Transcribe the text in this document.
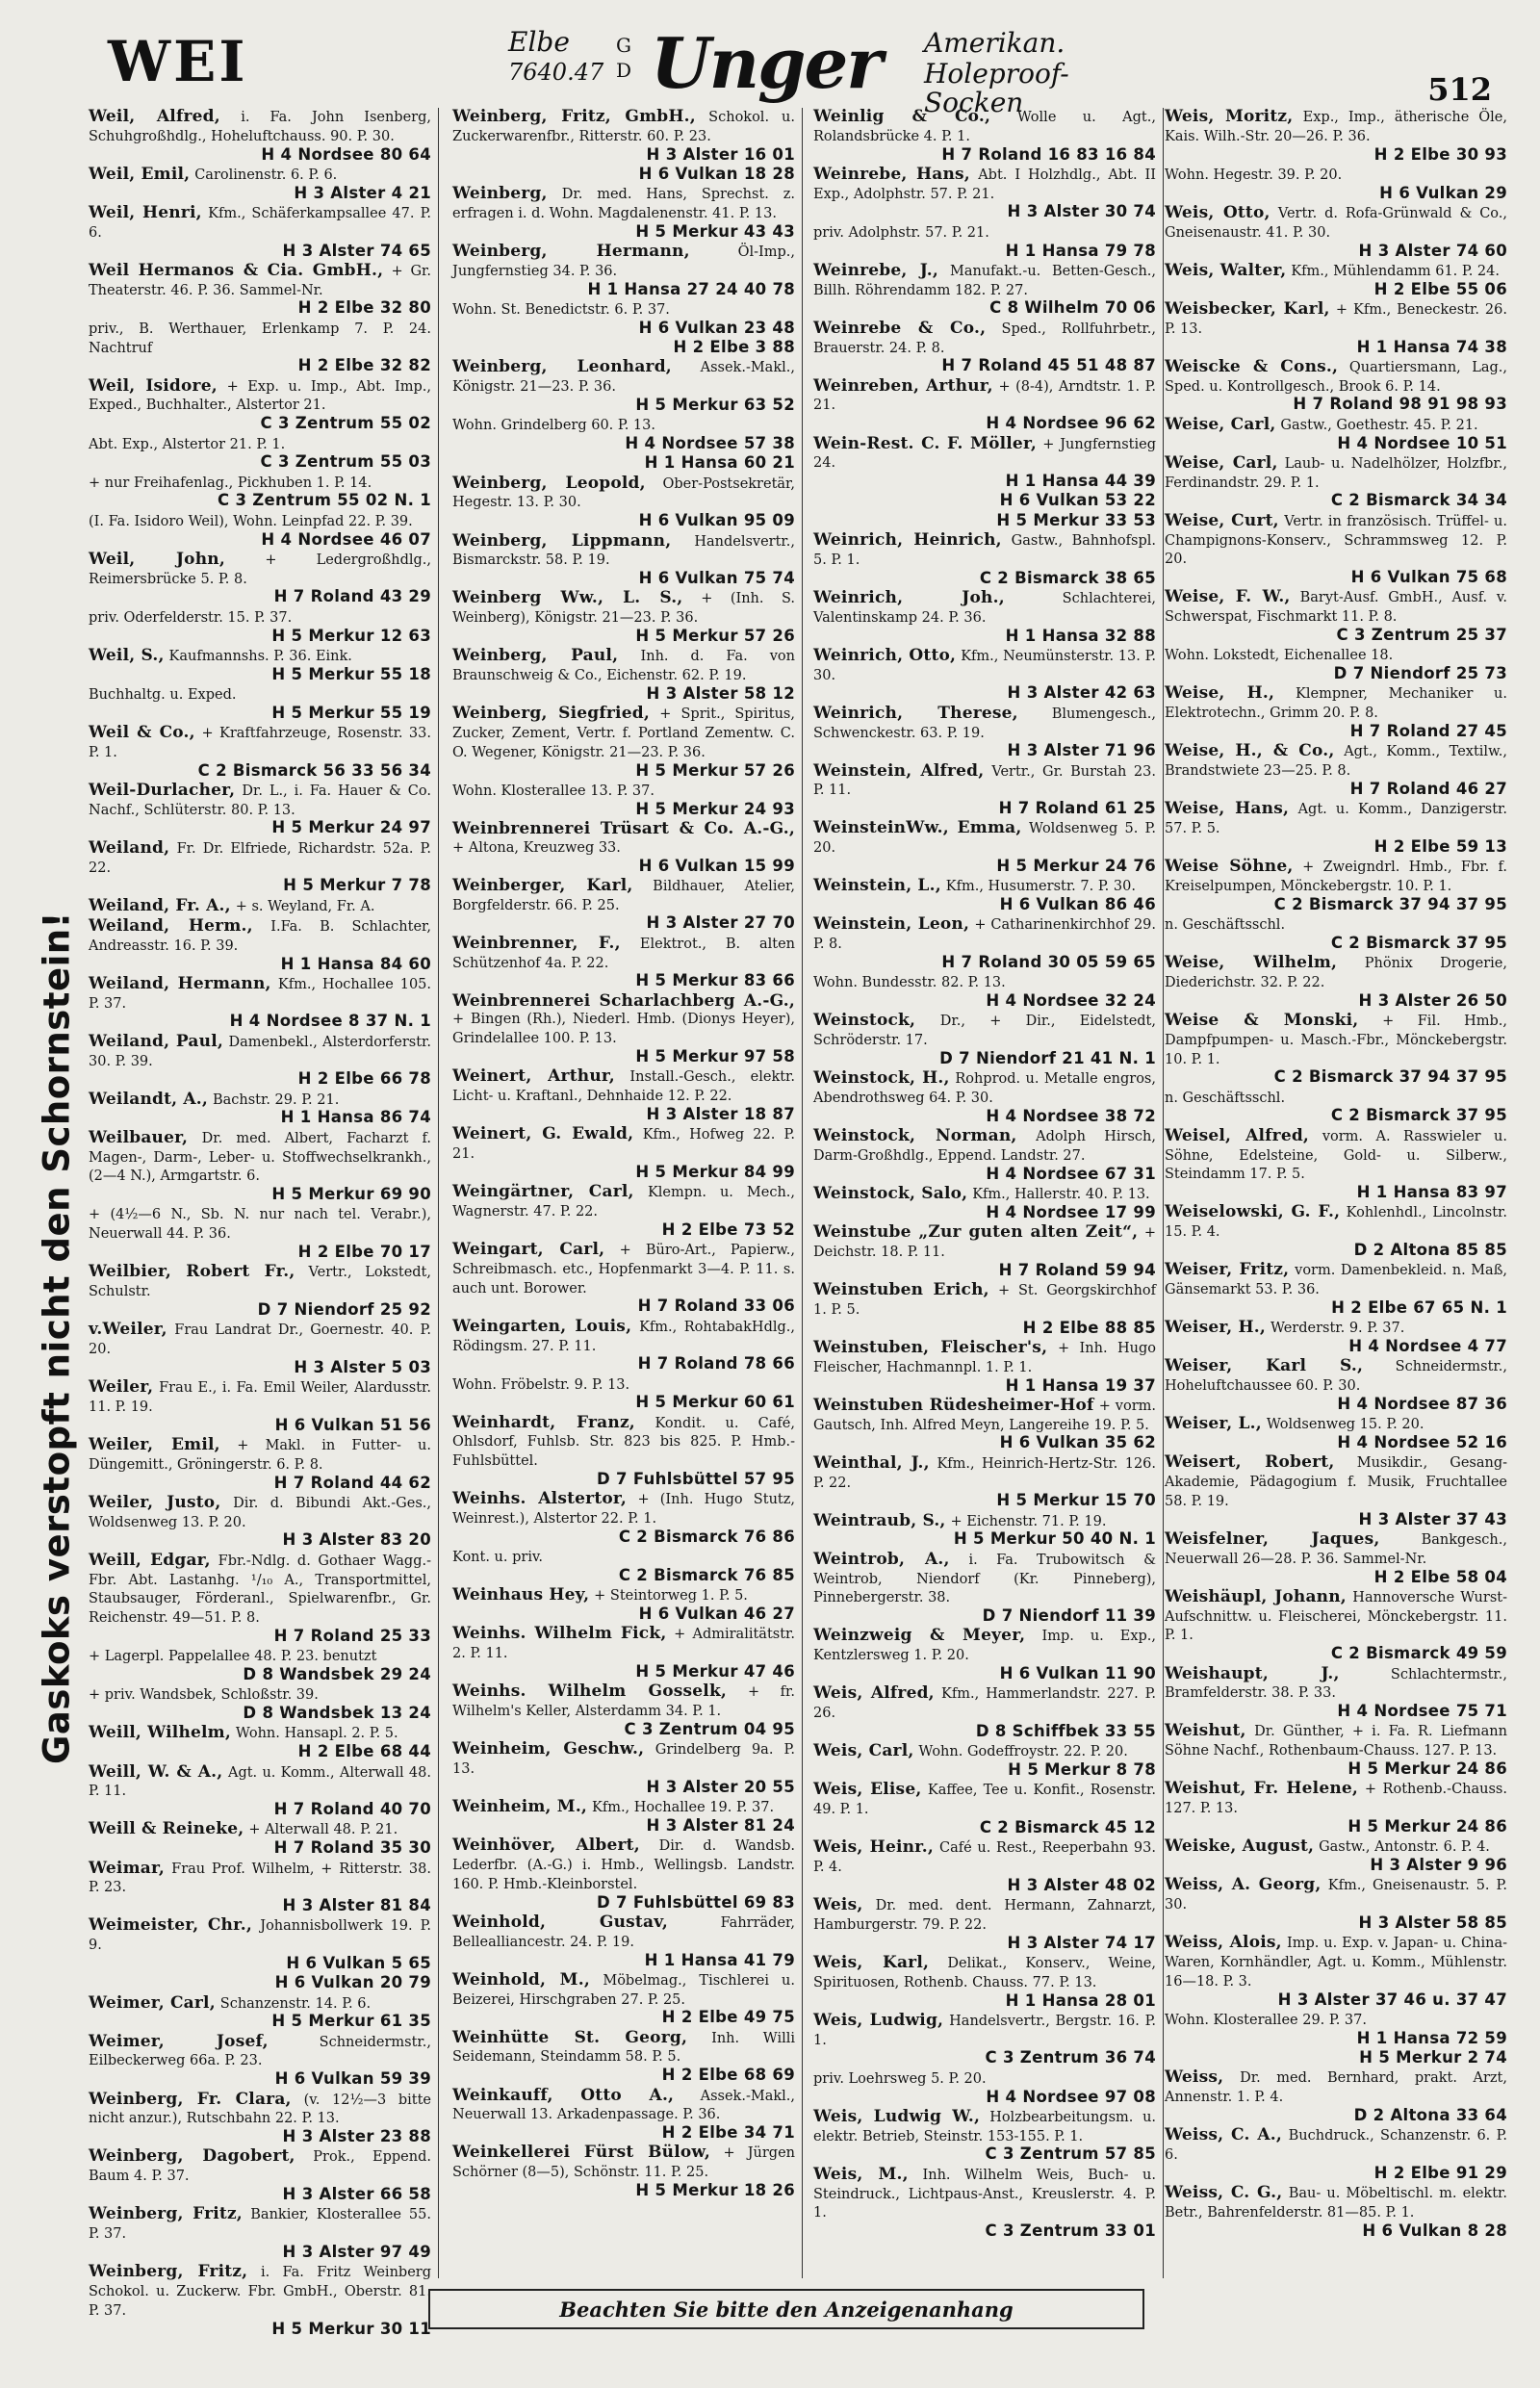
WEI	Elbe
7640.47
G
D Unger Amerikan.
Holeproof-Socken	512
Gaskoks verstopft nicht den Schornstein!
Weil, Alfred, i. Fa. John Isenberg, Schuhgroßhdlg., Hoheluftchauss. 90. P. 30.
H 4 Nordsee 80 64
Weil, Emil, Carolinenstr. 6. P. 6.
H 3 Alster 4 21
Weil, Henri, Kfm., Schäferkampsallee 47. P. 6.
H 3 Alster 74 65
Weil Hermanos & Cia. GmbH., + Gr. Theaterstr. 46. P. 36. Sammel-Nr.
H 2 Elbe 32 80
priv., B. Werthauer, Erlenkamp 7. P. 24. Nachtruf
H 2 Elbe 32 82
Weil, Isidore, + Exp. u. Imp., Abt. Imp., Exped., Buchhalter., Alstertor 21.
C 3 Zentrum 55 02
Abt. Exp., Alstertor 21. P. 1.
C 3 Zentrum 55 03
+ nur Freihafenlag., Pickhuben 1. P. 14.
C 3 Zentrum 55 02 N. 1
(I. Fa. Isidoro Weil), Wohn. Leinpfad 22. P. 39.
H 4 Nordsee 46 07
Weil, John,	+ Ledergroßhdlg., Reimersbrücke 5. P. 8.
H 7 Roland 43 29
priv. Oderfelderstr. 15. P. 37.
H 5 Merkur 12 63
Weil, S., Kaufmannshs. P. 36. Eink.
H 5 Merkur 55 18
Buchhaltg. u. Exped.
H 5 Merkur 55 19
Weil & Co., + Kraftfahrzeuge, Rosenstr. 33. P. 1.
C 2 Bismarck 56 33 56 34
Weil-Durlacher, Dr. L., i. Fa. Hauer & Co. Nachf., Schlüterstr. 80. P. 13.
H 5 Merkur 24 97
Weiland, Fr. Dr. Elfriede, Richardstr. 52a. P. 22.
H 5 Merkur 7 78
Weiland, Fr. A., + s. Weyland, Fr. A.
Weiland, Herm., I.Fa. B. Schlachter, Andreasstr. 16. P. 39.
H 1 Hansa 84 60
Weiland, Hermann, Kfm., Hochallee 105. P. 37.
H 4 Nordsee 8 37 N. 1
Weiland, Paul, Damenbekl., Alsterdorferstr. 30. P. 39.
H 2 Elbe 66 78
Weilandt, A., Bachstr. 29. P. 21.
H 1 Hansa 86 74
Weilbauer, Dr. med. Albert, Facharzt f. Magen-, Darm-, Leber- u. Stoffwechselkrankh., (2—4 N.), Armgartstr. 6.
H 5 Merkur 69 90
+ (4½—6 N., Sb. N. nur nach tel. Verabr.), Neuerwall 44. P. 36.
H 2 Elbe 70 17
Weilbier, Robert Fr., Vertr., Lokstedt, Schulstr.
D 7 Niendorf 25 92
v.Weiler, Frau Landrat Dr., Goernestr. 40. P. 20.
H 3 Alster 5 03
Weiler, Frau E., i. Fa. Emil Weiler, Alardusstr. 11. P. 19.
H 6 Vulkan 51 56
Weiler, Emil, + Makl. in Futter- u. Düngemitt., Gröningerstr. 6. P. 8.
H 7 Roland 44 62
Weiler, Justo, Dir. d. Bibundi Akt.-Ges., Woldsenweg 13. P. 20.
H 3 Alster 83 20
Weill, Edgar, Fbr.-Ndlg. d. Gothaer Wagg.-Fbr. Abt. Lastanhg. ¹/₁₀ A., Transportmittel, Staubsauger, Förderanl., Spielwarenfbr., Gr. Reichenstr. 49—51. P. 8.
H 7 Roland 25 33
+ Lagerpl. Pappelallee 48. P. 23. benutzt
D 8 Wandsbek 29 24
+ priv. Wandsbek, Schloßstr. 39.
D 8 Wandsbek 13 24
Weill, Wilhelm, Wohn. Hansapl. 2. P. 5.
H 2 Elbe 68 44
Weill, W. & A., Agt. u. Komm., Alterwall 48. P. 11.
H 7 Roland 40 70
Weill & Reineke, + Alterwall 48. P. 21.
H 7 Roland 35 30
Weimar, Frau Prof. Wilhelm, + Ritterstr. 38. P. 23.
H 3 Alster 81 84
Weimeister, Chr., Johannisbollwerk 19. P. 9.
H 6 Vulkan 5 65
H 6 Vulkan 20 79
Weimer, Carl, Schanzenstr. 14. P. 6.
H 5 Merkur 61 35
Weimer, Josef,	Schneidermstr., Eilbeckerweg 66a. P. 23.
H 6 Vulkan 59 39
Weinberg, Fr. Clara, (v. 12½—3 bitte nicht anzur.), Rutschbahn 22. P. 13.
H 3 Alster 23 88
Weinberg, Dagobert, Prok., Eppend. Baum 4. P. 37.
H 3 Alster 66 58
Weinberg, Fritz, Bankier, Klosterallee 55. P. 37.
H 3 Alster 97 49
Weinberg, Fritz, i. Fa. Fritz Weinberg Schokol. u. Zuckerw. Fbr. GmbH., Oberstr. 81. P. 37.
H 5 Merkur 30 11
Weinberg, Fritz, GmbH., Schokol. u. Zuckerwarenfbr., Ritterstr. 60. P. 23.
H 3 Alster 16 01
H 6 Vulkan 18 28
Weinberg, Dr. med. Hans, Sprechst. z. erfragen i. d. Wohn. Magdalenenstr. 41. P. 13.
H 5 Merkur 43 43
Weinberg, Hermann,	Öl-Imp., Jungfernstieg 34. P. 36.
H 1 Hansa 27 24 40 78
Wohn. St. Benedictstr. 6. P. 37.
H 6 Vulkan 23 48
H 2 Elbe 3 88
Weinberg, Leonhard, Assek.-Makl., Königstr. 21—23. P. 36.
H 5 Merkur 63 52
Wohn. Grindelberg 60. P. 13.
H 4 Nordsee 57 38
H 1 Hansa 60 21
Weinberg, Leopold, Ober-Postsekretär, Hegestr. 13. P. 30.
H 6 Vulkan 95 09
Weinberg, Lippmann, Handelsvertr., Bismarckstr. 58. P. 19.
H 6 Vulkan 75 74
Weinberg Ww., L. S., + (Inh. S. Weinberg), Königstr. 21—23. P. 36.
H 5 Merkur 57 26
Weinberg, Paul, Inh. d. Fa. von Braunschweig & Co., Eichenstr. 62. P. 19.
H 3 Alster 58 12
Weinberg, Siegfried, + Sprit., Spiritus, Zucker, Zement, Vertr. f. Portland Zementw. C. O. Wegener, Königstr. 21—23. P. 36.
H 5 Merkur 57 26
Wohn. Klosterallee 13. P. 37.
H 5 Merkur 24 93
Weinbrennerei Trüsart & Co. A.-G., + Altona, Kreuzweg 33.
H 6 Vulkan 15 99
Weinberger, Karl, Bildhauer, Atelier, Borgfelderstr. 66. P. 25.
H 3 Alster 27 70
Weinbrenner, F., Elektrot., B. alten Schützenhof 4a. P. 22.
H 5 Merkur 83 66
Weinbrennerei Scharlachberg A.-G., + Bingen (Rh.), Niederl. Hmb. (Dionys Heyer), Grindelallee 100. P. 13.
H 5 Merkur 97 58
Weinert, Arthur, Install.-Gesch., elektr. Licht- u. Kraftanl., Dehnhaide 12. P. 22.
H 3 Alster 18 87
Weinert, G. Ewald, Kfm., Hofweg 22. P. 21.
H 5 Merkur 84 99
Weingärtner, Carl, Klempn. u. Mech., Wagnerstr. 47. P. 22.
H 2 Elbe 73 52
Weingart, Carl, + Büro-Art., Papierw., Schreibmasch. etc., Hopfenmarkt 3—4. P. 11. s. auch unt. Borower.
H 7 Roland 33 06
Weingarten, Louis, Kfm., RohtabakHdlg., Rödingsm. 27. P. 11.
H 7 Roland 78 66
Wohn. Fröbelstr. 9. P. 13.
H 5 Merkur 60 61
Weinhardt, Franz, Kondit. u. Café, Ohlsdorf, Fuhlsb. Str. 823 bis 825. P. Hmb.-Fuhlsbüttel.
D 7 Fuhlsbüttel 57 95
Weinhs. Alstertor, + (Inh. Hugo Stutz, Weinrest.), Alstertor 22. P. 1.
C 2 Bismarck 76 86
Kont. u. priv.
C 2 Bismarck 76 85
Weinhaus Hey, + Steintorweg 1. P. 5.
H 6 Vulkan 46 27
Weinhs. Wilhelm Fick, + Admiralitätstr. 2. P. 11.
H 5 Merkur 47 46
Weinhs. Wilhelm Gosselk, + fr. Wilhelm's Keller, Alsterdamm 34. P. 1.
C 3 Zentrum 04 95
Weinheim, Geschw., Grindelberg 9a. P. 13.
H 3 Alster 20 55
Weinheim, M., Kfm., Hochallee 19. P. 37.
H 3 Alster 81 24
Weinhöver, Albert, Dir. d. Wandsb. Lederfbr. (A.-G.) i. Hmb., Wellingsb. Landstr. 160. P. Hmb.-Kleinborstel.
D 7 Fuhlsbüttel 69 83
Weinhold, Gustav,	Fahrräder, Bellealliancestr. 24. P. 19.
H 1 Hansa 41 79
Weinhold, M., Möbelmag., Tischlerei u. Beizerei, Hirschgraben 27. P. 25.
H 2 Elbe 49 75
Weinhütte St. Georg, Inh. Willi Seidemann, Steindamm 58. P. 5.
H 2 Elbe 68 69
Weinkauff, Otto A., Assek.-Makl., Neuerwall 13. Arkadenpassage. P. 36.
H 2 Elbe 34 71
Weinkellerei Fürst Bülow, + Jürgen Schörner (8—5), Schönstr. 11. P. 25.
H 5 Merkur 18 26
Weinlig & Co., Wolle u. Agt., Rolandsbrücke 4. P. 1.
H 7 Roland 16 83 16 84
Weinrebe, Hans, Abt. I Holzhdlg., Abt. II Exp., Adolphstr. 57. P. 21.
H 3 Alster 30 74
priv. Adolphstr. 57. P. 21.
H 1 Hansa 79 78
Weinrebe, J., Manufakt.-u. Betten-Gesch., Billh. Röhrendamm 182. P. 27.
C 8 Wilhelm 70 06
Weinrebe & Co., Sped., Rollfuhrbetr., Brauerstr. 24. P. 8.
H 7 Roland 45 51 48 87
Weinreben, Arthur, + (8-4), Arndtstr. 1. P. 21.
H 4 Nordsee 96 62
Wein-Rest. C. F. Möller, + Jungfernstieg 24.
H 1 Hansa 44 39
H 6 Vulkan 53 22
H 5 Merkur 33 53
Weinrich, Heinrich, Gastw., Bahnhofspl. 5. P. 1.
C 2 Bismarck 38 65
Weinrich, Joh.,	Schlachterei, Valentinskamp 24. P. 36.
H 1 Hansa 32 88
Weinrich, Otto, Kfm., Neumünsterstr. 13. P. 30.
H 3 Alster 42 63
Weinrich, Therese, Blumengesch., Schwenckestr. 63. P. 19.
H 3 Alster 71 96
Weinstein, Alfred, Vertr., Gr. Burstah 23. P. 11.
H 7 Roland 61 25
WeinsteinWw., Emma, Woldsenweg 5. P. 20.
H 5 Merkur 24 76
Weinstein, L., Kfm., Husumerstr. 7. P. 30.
H 6 Vulkan 86 46
Weinstein, Leon, + Catharinenkirchhof 29. P. 8.
H 7 Roland 30 05 59 65
Wohn. Bundesstr. 82. P. 13.
H 4 Nordsee 32 24
Weinstock, Dr., + Dir., Eidelstedt, Schröderstr. 17.
D 7 Niendorf 21 41 N. 1
Weinstock, H., Rohprod. u. Metalle engros, Abendrothsweg 64. P. 30.
H 4 Nordsee 38 72
Weinstock, Norman, Adolph Hirsch, Darm-Großhdlg., Eppend. Landstr. 27.
H 4 Nordsee 67 31
Weinstock, Salo, Kfm., Hallerstr. 40. P. 13.
H 4 Nordsee 17 99
Weinstube „Zur guten alten Zeit“, + Deichstr. 18. P. 11.
H 7 Roland 59 94
Weinstuben Erich, + St. Georgskirchhof 1. P. 5.
H 2 Elbe 88 85
Weinstuben, Fleischer's, + Inh. Hugo Fleischer, Hachmannpl. 1. P. 1.
H 1 Hansa 19 37
Weinstuben Rüdesheimer-Hof + vorm. Gautsch, Inh. Alfred Meyn, Langereihe 19. P. 5.
H 6 Vulkan 35 62
Weinthal, J., Kfm., Heinrich-Hertz-Str. 126. P. 22.
H 5 Merkur 15 70
Weintraub, S., + Eichenstr. 71. P. 19.
H 5 Merkur 50 40 N. 1
Weintrob, A., i. Fa. Trubowitsch & Weintrob, Niendorf (Kr. Pinneberg), Pinnebergerstr. 38.
D 7 Niendorf 11 39
Weinzweig & Meyer, Imp. u. Exp., Kentzlersweg 1. P. 20.
H 6 Vulkan 11 90
Weis, Alfred, Kfm., Hammerlandstr. 227. P. 26.
D 8 Schiffbek 33 55
Weis, Carl, Wohn. Godeffroystr. 22. P. 20.
H 5 Merkur 8 78
Weis, Elise, Kaffee, Tee u. Konfit., Rosenstr. 49. P. 1.
C 2 Bismarck 45 12
Weis, Heinr., Café u. Rest., Reeperbahn 93. P. 4.
H 3 Alster 48 02
Weis, Dr. med. dent. Hermann, Zahnarzt, Hamburgerstr. 79. P. 22.
H 3 Alster 74 17
Weis, Karl, Delikat., Konserv., Weine, Spirituosen, Rothenb. Chauss. 77. P. 13.
H 1 Hansa 28 01
Weis, Ludwig, Handelsvertr., Bergstr. 16. P. 1.
C 3 Zentrum 36 74
priv. Loehrsweg 5. P. 20.
H 4 Nordsee 97 08
Weis, Ludwig W., Holzbearbeitungsm. u. elektr. Betrieb, Steinstr. 153-155. P. 1.
C 3 Zentrum 57 85
Weis, M., Inh. Wilhelm Weis, Buch- u. Steindruck., Lichtpaus-Anst., Kreuslerstr. 4. P. 1.
C 3 Zentrum 33 01
Weis, Moritz, Exp., Imp., ätherische Öle, Kais. Wilh.-Str. 20—26. P. 36.
H 2 Elbe 30 93
Wohn. Hegestr. 39. P. 20.
H 6 Vulkan 29
Weis, Otto, Vertr. d. Rofa-Grünwald & Co., Gneisenaustr. 41. P. 30.
H 3 Alster 74 60
Weis, Walter, Kfm., Mühlendamm 61. P. 24.
H 2 Elbe 55 06
Weisbecker, Karl, + Kfm., Beneckestr. 26. P. 13.
H 1 Hansa 74 38
Weiscke & Cons., Quartiersmann, Lag., Sped. u. Kontrollgesch., Brook 6. P. 14.
H 7 Roland 98 91 98 93
Weise, Carl, Gastw., Goethestr. 45. P. 21.
H 4 Nordsee 10 51
Weise, Carl, Laub- u. Nadelhölzer, Holzfbr., Ferdinandstr. 29. P. 1.
C 2 Bismarck 34 34
Weise, Curt, Vertr. in französisch. Trüffel- u. Champignons-Konserv., Schrammsweg 12. P. 20.
H 6 Vulkan 75 68
Weise, F. W., Baryt-Ausf. GmbH., Ausf. v. Schwerspat, Fischmarkt 11. P. 8.
C 3 Zentrum 25 37
Wohn. Lokstedt, Eichenallee 18.
D 7 Niendorf 25 73
Weise, H., Klempner, Mechaniker u. Elektrotechn., Grimm 20. P. 8.
H 7 Roland 27 45
Weise, H., & Co., Agt., Komm., Textilw., Brandstwiete 23—25. P. 8.
H 7 Roland 46 27
Weise, Hans, Agt. u. Komm., Danzigerstr. 57. P. 5.
H 2 Elbe 59 13
Weise Söhne, + Zweigndrl. Hmb., Fbr. f. Kreiselpumpen, Mönckebergstr. 10. P. 1.
C 2 Bismarck 37 94 37 95
n. Geschäftsschl.
C 2 Bismarck 37 95
Weise, Wilhelm, Phönix Drogerie, Diederichstr. 32. P. 22.
H 3 Alster 26 50
Weise & Monski, + Fil. Hmb., Dampfpumpen- u. Masch.-Fbr., Mönckebergstr. 10. P. 1.
C 2 Bismarck 37 94 37 95
n. Geschäftsschl.
C 2 Bismarck 37 95
Weisel, Alfred, vorm. A. Rasswieler u. Söhne, Edelsteine, Gold- u. Silberw., Steindamm 17. P. 5.
H 1 Hansa 83 97
Weiselowski, G. F., Kohlenhdl., Lincolnstr. 15. P. 4.
D 2 Altona 85 85
Weiser, Fritz, vorm. Damenbekleid. n. Maß, Gänsemarkt 53. P. 36.
H 2 Elbe 67 65 N. 1
Weiser, H., Werderstr. 9. P. 37.
H 4 Nordsee 4 77
Weiser, Karl S., Schneidermstr., Hoheluftchaussee 60. P. 30.
H 4 Nordsee 87 36
Weiser, L., Woldsenweg 15. P. 20.
H 4 Nordsee 52 16
Weisert, Robert, Musikdir., Gesang-Akademie, Pädagogium f. Musik, Fruchtallee 58. P. 19.
H 3 Alster 37 43
Weisfelner, Jaques,	Bankgesch., Neuerwall 26—28. P. 36. Sammel-Nr.
H 2 Elbe 58 04
Weishäupl, Johann, Hannoversche Wurst-Aufschnittw. u. Fleischerei, Mönckebergstr. 11. P. 1.
C 2 Bismarck 49 59
Weishaupt, J.,	Schlachtermstr., Bramfelderstr. 38. P. 33.
H 4 Nordsee 75 71
Weishut, Dr. Günther, + i. Fa. R. Liefmann Söhne Nachf., Rothenbaum-Chauss. 127. P. 13.
H 5 Merkur 24 86
Weishut, Fr. Helene, + Rothenb.-Chauss. 127. P. 13.
H 5 Merkur 24 86
Weiske, August, Gastw., Antonstr. 6. P. 4.
H 3 Alster 9 96
Weiss, A. Georg, Kfm., Gneisenaustr. 5. P. 30.
H 3 Alster 58 85
Weiss, Alois, Imp. u. Exp. v. Japan- u. China-Waren, Kornhändler, Agt. u. Komm., Mühlenstr. 16—18. P. 3.
H 3 Alster 37 46 u. 37 47
Wohn. Klosterallee 29. P. 37.
H 1 Hansa 72 59
H 5 Merkur 2 74
Weiss, Dr. med. Bernhard, prakt. Arzt, Annenstr. 1. P. 4.
D 2 Altona 33 64
Weiss, C. A., Buchdruck., Schanzenstr. 6. P. 6.
H 2 Elbe 91 29
Weiss, C. G., Bau- u. Möbeltischl. m. elektr. Betr., Bahrenfelderstr. 81—85. P. 1.
H 6 Vulkan 8 28
Beachten Sie bitte den Anzeigenanhang
